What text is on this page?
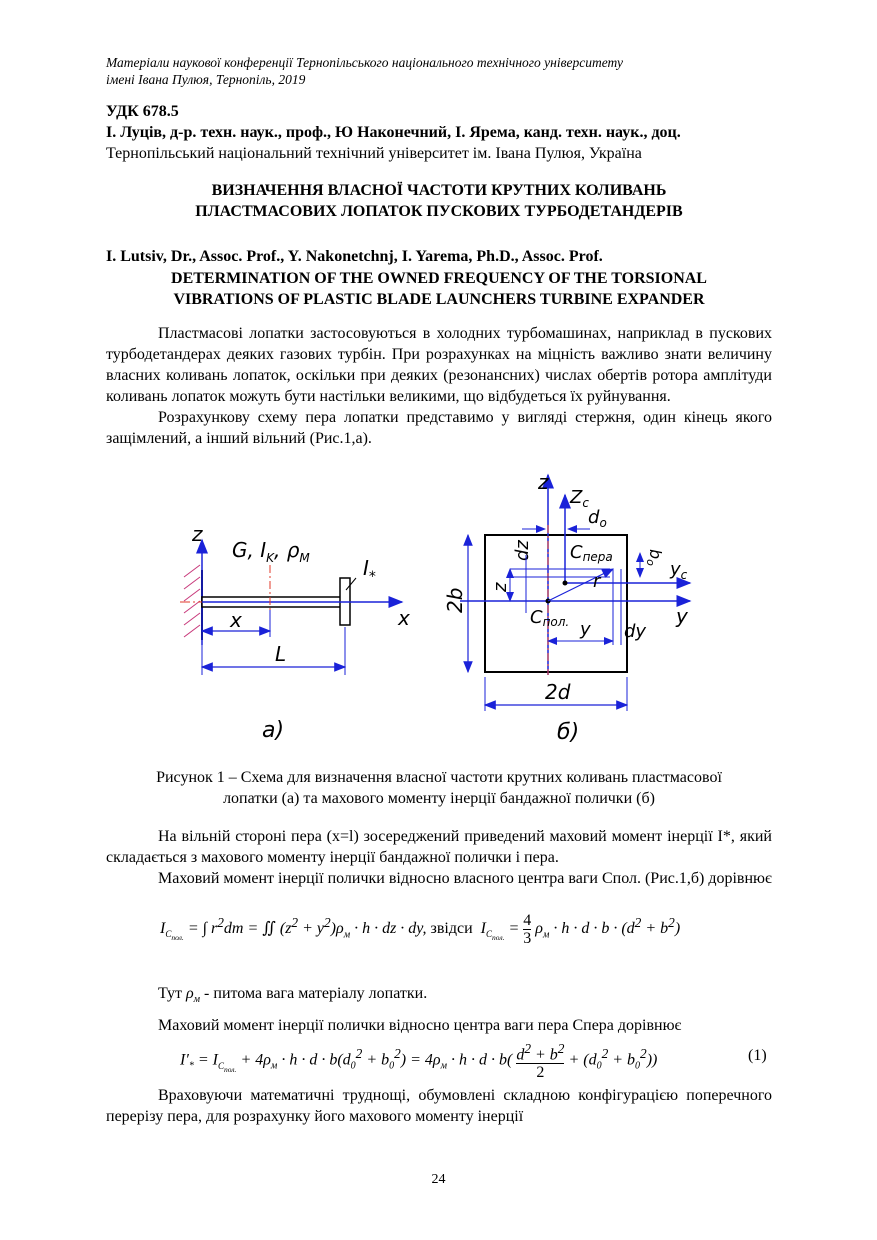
Матеріали наукової конференції Тернопільського національного технічного університету
імені Івана Пулюя, Тернопіль, 2019
УДК 678.5
І. Луців, д-р. техн. наук., проф., Ю Наконечний, І. Ярема, канд. техн. наук., доц.
Тернопільський національний технічний університет ім. Івана Пулюя, Україна
ВИЗНАЧЕННЯ ВЛАСНОЇ ЧАСТОТИ КРУТНИХ КОЛИВАНЬ
ПЛАСТМАСОВИХ ЛОПАТОК ПУСКОВИХ ТУРБОДЕТАНДЕРІВ
I. Lutsiv, Dr., Assoc. Prof., Y. Nakonetchnj, I. Yarema, Ph.D., Assoc. Prof.
DETERMINATION OF THE OWNED FREQUENCY OF THE TORSIONAL
VIBRATIONS OF PLASTIC BLADE LAUNCHERS TURBINE EXPANDER

Пластмасові лопатки застосовуються в холодних турбомашинах, наприклад в пускових турбодетандерах деяких газових турбін. При розрахунках на міцність важливо знати величину власних коливань лопаток, оскільки при деяких (резонансних) числах обертів ротора амплітуди коливань лопаток можуть бути настільки великими, що відбудеться їх руйнування.

Розрахункову схему пера лопатки представимо у вигляді стержня, один кінець якого защімлений, а інший вільний (Рис.1,а).

z
x
G, $I_K$, $\rho_M$	$I_*$
x
L
а)
z
$Z_c$
y
$y_c$
$d_o$
dz Cпера bo
r
z
2b
Cпол. y dy
2d
б)
Рисунок 1 – Схема для визначення власної частоти крутних коливань пластмасової
лопатки (а) та махового моменту інерції бандажної полички (б)

На вільній стороні пера (x=l) зосереджений приведений маховий момент інерції I*, який складається з махового моменту інерції бандажної полички і пера.

Маховий момент інерції полички відносно власного центра ваги Cпол. (Рис.1,б) дорівнює

$I_{C_{пол.}}$ = ∫ $r^2dm$ = ∬ $(z^2 + y^2)\rho_м \cdot h$ · dz · dy, звідси  $I_{C_{пол.}} = \frac{4}{3} \rho_м \cdot h \cdot d \cdot b \cdot (d^2 + b^2)$

Тут $\rho_м$ - питома вага матеріалу лопатки.

Маховий момент інерції полички відносно центра ваги пера Cпера дорівнює

$I'_* = I_{C_{пол.}} + 4\rho_м \cdot h \cdot d \cdot b(d_0^2 + b_0^2) = 4\rho_м \cdot h \cdot d \cdot b( \frac{d^2 + b^2}{2} + (d_0^2 + b_0^2))$	(1)

Враховуючи математичні труднощі, обумовлені складною конфігурацією поперечного перерізу пера, для розрахунку його махового моменту інерції

24
